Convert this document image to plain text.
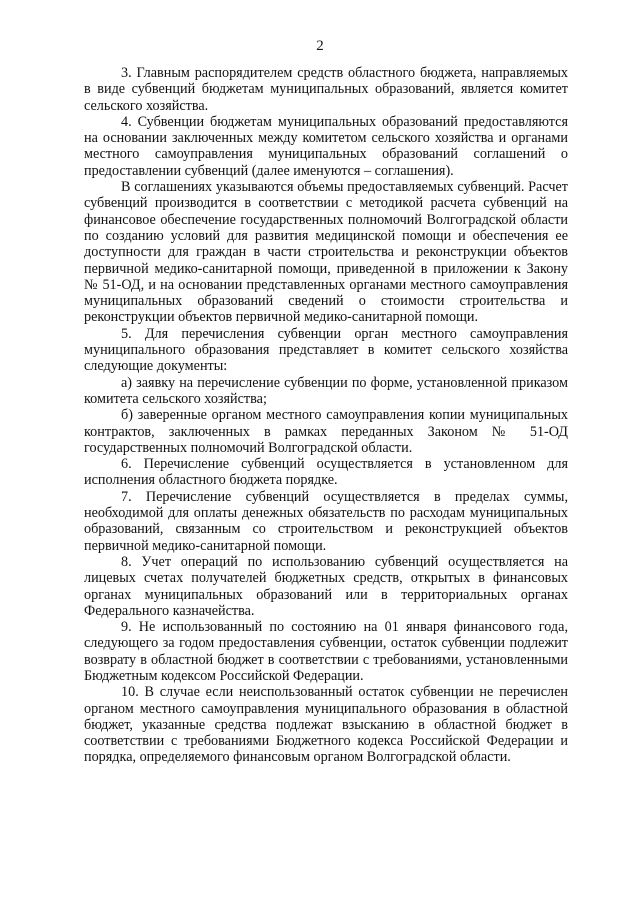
2

3. Главным распорядителем средств областного бюджета, направляемых в виде субвенций бюджетам муниципальных образований, является комитет сельского хозяйства.

4. Субвенции бюджетам муниципальных образований предоставляются на основании заключенных между комитетом сельского хозяйства и органами местного самоуправления муниципальных образований соглашений о предоставлении субвенций (далее именуются – соглашения).

В соглашениях указываются объемы предоставляемых субвенций. Расчет субвенций производится в соответствии с методикой расчета субвенций на финансовое обеспечение государственных полномочий Волгоградской области по созданию условий для развития медицинской помощи и обеспечения ее доступности для граждан в части строительства и реконструкции объектов первичной медико-санитарной помощи, приведенной в приложении к Закону № 51-ОД, и на основании представленных органами местного самоуправления муниципальных образований сведений о стоимости строительства и реконструкции объектов первичной медико-санитарной помощи.

5. Для перечисления субвенции орган местного самоуправления муниципального образования представляет в комитет сельского хозяйства следующие документы:

а) заявку на перечисление субвенции по форме, установленной приказом комитета сельского хозяйства;

б) заверенные органом местного самоуправления копии муниципальных контрактов, заключенных в рамках переданных Законом № 51-ОД государственных полномочий Волгоградской области.

6. Перечисление субвенций осуществляется в установленном для исполнения областного бюджета порядке.

7. Перечисление субвенций осуществляется в пределах суммы, необходимой для оплаты денежных обязательств по расходам муниципальных образований, связанным со строительством и реконструкцией объектов первичной медико-санитарной помощи.

8. Учет операций по использованию субвенций осуществляется на лицевых счетах получателей бюджетных средств, открытых в финансовых органах муниципальных образований или в территориальных органах Федерального казначейства.

9. Не использованный по состоянию на 01 января финансового года, следующего за годом предоставления субвенции, остаток субвенции подлежит возврату в областной бюджет в соответствии с требованиями, установленными Бюджетным кодексом Российской Федерации.

10. В случае если неиспользованный остаток субвенции не перечислен органом местного самоуправления муниципального образования в областной бюджет, указанные средства подлежат взысканию в областной бюджет в соответствии с требованиями Бюджетного кодекса Российской Федерации и порядка, определяемого финансовым органом Волгоградской области.
